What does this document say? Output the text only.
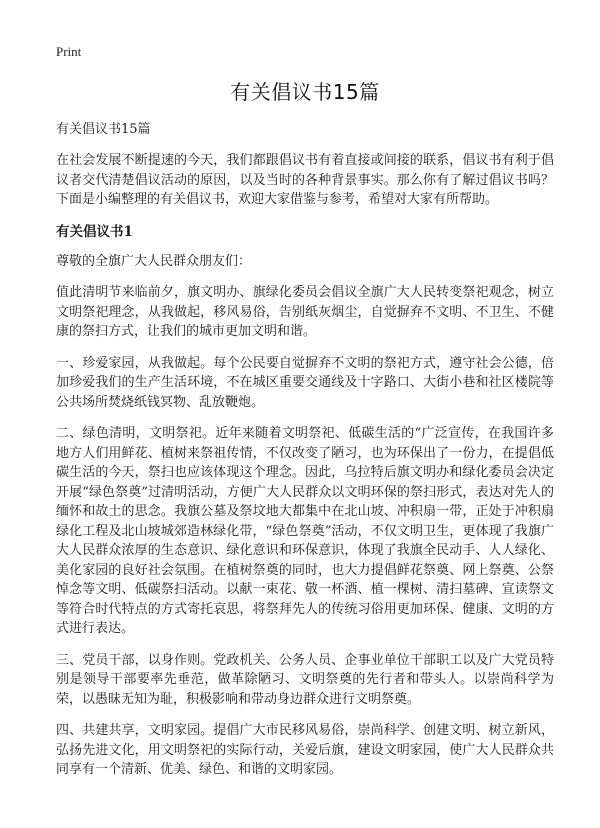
Print
有关倡议书15篇
有关倡议书15篇

在社会发展不断提速的今天，我们都跟倡议书有着直接或间接的联系，倡议书有利于倡议者交代清楚倡议活动的原因，以及当时的各种背景事实。那么你有了解过倡议书吗？下面是小编整理的有关倡议书，欢迎大家借鉴与参考，希望对大家有所帮助。

有关倡议书1

尊敬的全旗广大人民群众朋友们：

值此清明节来临前夕，旗文明办、旗绿化委员会倡议全旗广大人民转变祭祀观念，树立文明祭祀理念，从我做起，移风易俗，告别纸灰烟尘，自觉摒弃不文明、不卫生、不健康的祭扫方式，让我们的城市更加文明和谐。

一、珍爱家园，从我做起。每个公民要自觉摒弃不文明的祭祀方式，遵守社会公德，倍加珍爱我们的生产生活环境，不在城区重要交通线及十字路口、大街小巷和社区楼院等公共场所焚烧纸钱冥物、乱放鞭炮。

二、绿色清明，文明祭祀。近年来随着文明祭祀、低碳生活的“广泛宣传，在我国许多地方人们用鲜花、植树来祭祖传情，不仅改变了陋习，也为环保出了一份力，在提倡低碳生活的今天，祭扫也应该体现这个理念。因此，乌拉特后旗文明办和绿化委员会决定开展“绿色祭奠”过清明活动，方便广大人民群众以文明环保的祭扫形式，表达对先人的缅怀和故土的思念。我旗公墓及祭坟地大都集中在北山坡、冲积扇一带，正处于冲积扇绿化工程及北山坡城郊造林绿化带，“绿色祭奠”活动，不仅文明卫生，更体现了我旗广大人民群众浓厚的生态意识、绿化意识和环保意识，体现了我旗全民动手、人人绿化、美化家园的良好社会氛围。在植树祭奠的同时，也大力提倡鲜花祭奠、网上祭奠、公祭悼念等文明、低碳祭扫活动。以献一束花、敬一杯酒、植一棵树、清扫墓碑、宣读祭文等符合时代特点的方式寄托哀思，将祭拜先人的传统习俗用更加环保、健康、文明的方式进行表达。

三、党员干部，以身作则。党政机关、公务人员、企事业单位干部职工以及广大党员特别是领导干部要率先垂范，做革除陋习、文明祭奠的先行者和带头人。以崇尚科学为荣，以愚昧无知为耻，积极影响和带动身边群众进行文明祭奠。

四、共建共享，文明家园。提倡广大市民移风易俗，崇尚科学、创建文明、树立新风，弘扬先进文化，用文明祭祀的实际行动，关爱后旗，建设文明家园，使广大人民群众共同享有一个清新、优美、绿色、和谐的文明家园。
